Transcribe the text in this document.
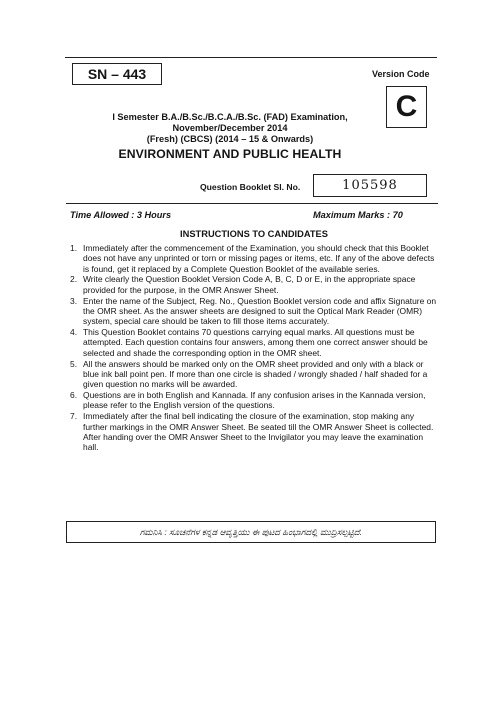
SN – 443	Version Code
C
I Semester B.A./B.Sc./B.C.A./B.Sc. (FAD) Examination,
November/December 2014
(Fresh) (CBCS) (2014 – 15 & Onwards)
ENVIRONMENT AND PUBLIC HEALTH
Question Booklet Sl. No.	105598
Time Allowed : 3 Hours	Maximum Marks : 70
INSTRUCTIONS TO CANDIDATES
1. Immediately after the commencement of the Examination, you should check that this Booklet does not have any unprinted or torn or missing pages or items, etc. If any of the above defects is found, get it replaced by a Complete Question Booklet of the available series.
2. Write clearly the Question Booklet Version Code A, B, C, D or E, in the appropriate space provided for the purpose, in the OMR Answer Sheet.
3. Enter the name of the Subject, Reg. No., Question Booklet version code and affix Signature on the OMR sheet. As the answer sheets are designed to suit the Optical Mark Reader (OMR) system, special care should be taken to fill those items accurately.
4. This Question Booklet contains 70 questions carrying equal marks. All questions must be attempted. Each question contains four answers, among them one correct answer should be selected and shade the corresponding option in the OMR sheet.
5. All the answers should be marked only on the OMR sheet provided and only with a black or blue ink ball point pen. If more than one circle is shaded / wrongly shaded / half shaded for a given question no marks will be awarded.
6. Questions are in both English and Kannada. If any confusion arises in the Kannada version, please refer to the English version of the questions.
7. Immediately after the final bell indicating the closure of the examination, stop making any further markings in the OMR Answer Sheet. Be seated till the OMR Answer Sheet is collected. After handing over the OMR Answer Sheet to the Invigilator you may leave the examination hall.
ಗಮನಿಸಿ : ಸೂಚನೆಗಳ ಕನ್ನಡ ಆವೃತ್ತಿಯು ಈ ಪುಟದ ಹಿಂಭಾಗದಲ್ಲಿ ಮುದ್ರಿಸಲ್ಪಟ್ಟಿದೆ.
